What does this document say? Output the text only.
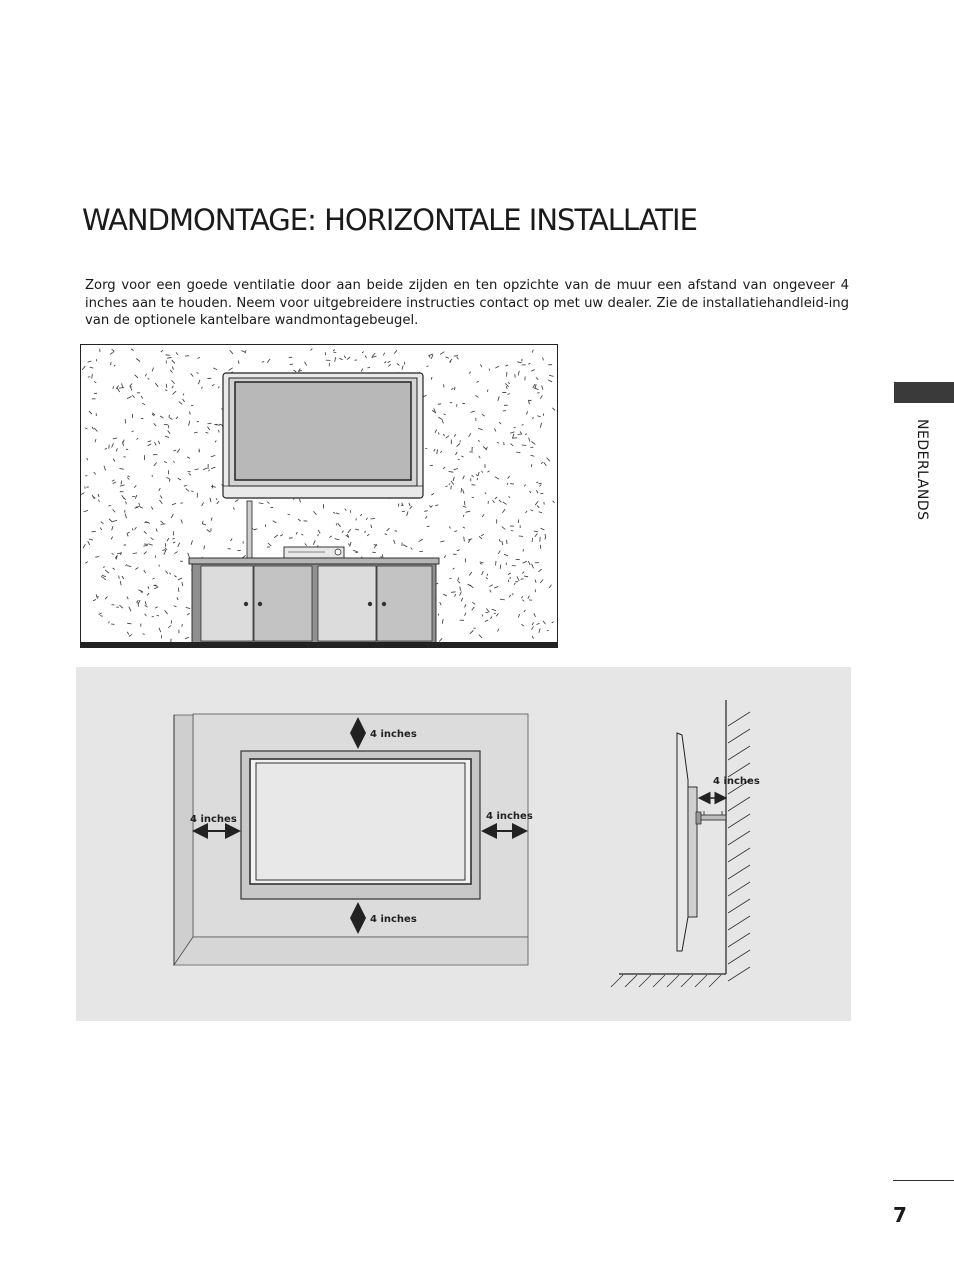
WANDMONTAGE: HORIZONTALE INSTALLATIE

Zorg voor een goede ventilatie door aan beide zijden en ten opzichte van de muur een afstand van ongeveer 4 inches aan te houden. Neem voor uitgebreidere instructies contact op met uw dealer. Zie de installatiehandleid-ing van de optionele kantelbare wandmontagebeugel.

NEDERLANDS
4 inches
4 inches	4 inches
4 inches
4 inches
7
